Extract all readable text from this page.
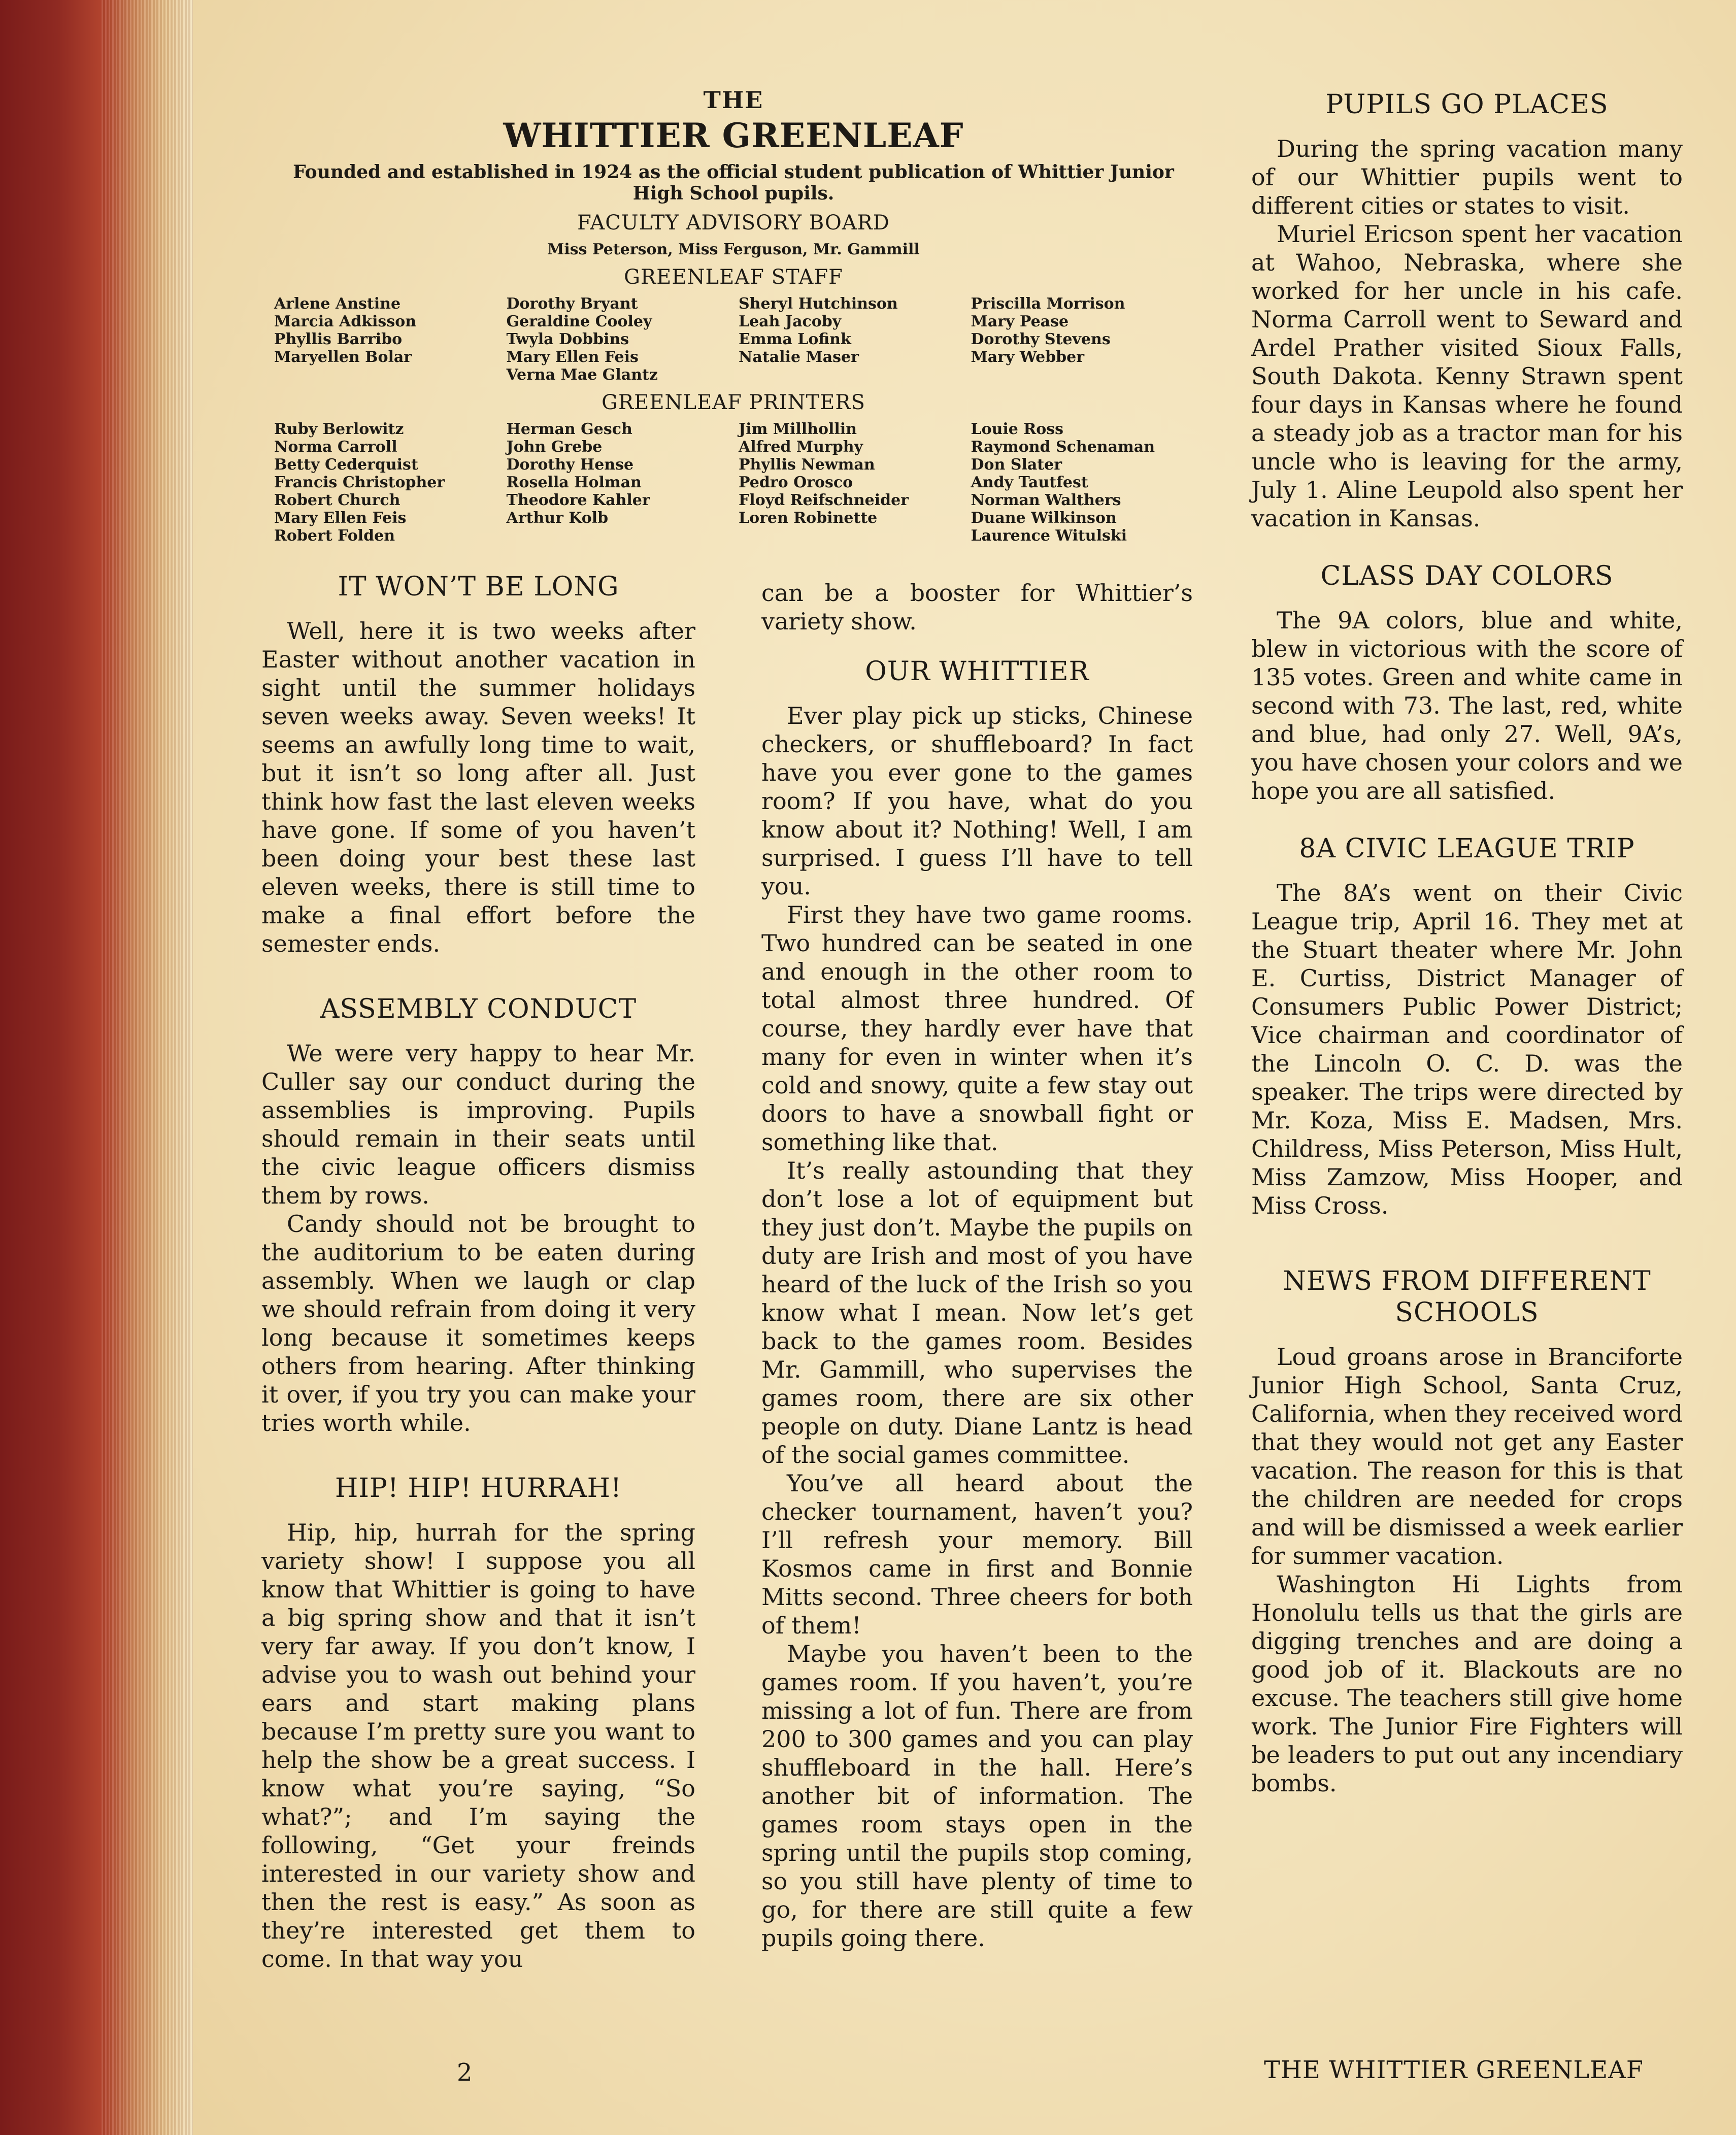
THE
WHITTIER GREENLEAF
Founded and established in 1924 as the official student publication of Whittier Junior High School pupils.
FACULTY ADVISORY BOARD
Miss Peterson, Miss Ferguson, Mr. Gammill
GREENLEAF STAFF
Arlene Anstine
Marcia Adkisson
Phyllis Barribo
Maryellen Bolar
Dorothy Bryant
Geraldine Cooley
Twyla Dobbins
Mary Ellen Feis
Verna Mae Glantz
Sheryl Hutchinson
Leah Jacoby
Emma Lofink
Natalie Maser
Priscilla Morrison
Mary Pease
Dorothy Stevens
Mary Webber
GREENLEAF PRINTERS
Ruby Berlowitz
Norma Carroll
Betty Cederquist
Francis Christopher
Robert Church
Mary Ellen Feis
Robert Folden
Herman Gesch
John Grebe
Dorothy Hense
Rosella Holman
Theodore Kahler
Arthur Kolb
Jim Millhollin
Alfred Murphy
Phyllis Newman
Pedro Orosco
Floyd Reifschneider
Loren Robinette
Louie Ross
Raymond Schenaman
Don Slater
Andy Tautfest
Norman Walthers
Duane Wilkinson
Laurence Witulski
IT WON’T BE LONG

Well, here it is two weeks after Easter without another vacation in sight until the summer holidays seven weeks away. Seven weeks! It seems an awfully long time to wait, but it isn’t so long after all. Just think how fast the last eleven weeks have gone. If some of you haven’t been doing your best these last eleven weeks, there is still time to make a final effort before the semester ends.

ASSEMBLY CONDUCT

We were very happy to hear Mr. Culler say our conduct during the assemblies is improving. Pupils should remain in their seats until the civic league officers dismiss them by rows.

Candy should not be brought to the auditorium to be eaten during assembly. When we laugh or clap we should refrain from doing it very long because it sometimes keeps others from hearing. After thinking it over, if you try you can make your tries worth while.

HIP! HIP! HURRAH!

Hip, hip, hurrah for the spring variety show! I suppose you all know that Whittier is going to have a big spring show and that it isn’t very far away. If you don’t know, I advise you to wash out behind your ears and start making plans because I’m pretty sure you want to help the show be a great success. I know what you’re saying, “So what?”; and I’m saying the following, “Get your freinds interested in our variety show and then the rest is easy.” As soon as they’re interested get them to come. In that way you

can be a booster for Whittier’s variety show.

OUR WHITTIER

Ever play pick up sticks, Chinese checkers, or shuffleboard? In fact have you ever gone to the games room? If you have, what do you know about it? Nothing! Well, I am surprised. I guess I’ll have to tell you.

First they have two game rooms. Two hundred can be seated in one and enough in the other room to total almost three hundred. Of course, they hardly ever have that many for even in winter when it’s cold and snowy, quite a few stay out doors to have a snowball fight or something like that.

It’s really astounding that they don’t lose a lot of equipment but they just don’t. Maybe the pupils on duty are Irish and most of you have heard of the luck of the Irish so you know what I mean. Now let’s get back to the games room. Besides Mr. Gammill, who supervises the games room, there are six other people on duty. Diane Lantz is head of the social games committee.

You’ve all heard about the checker tournament, haven’t you? I’ll refresh your memory. Bill Kosmos came in first and Bonnie Mitts second. Three cheers for both of them!

Maybe you haven’t been to the games room. If you haven’t, you’re missing a lot of fun. There are from 200 to 300 games and you can play shuffleboard in the hall. Here’s another bit of information. The games room stays open in the spring until the pupils stop coming, so you still have plenty of time to go, for there are still quite a few pupils going there.

PUPILS GO PLACES

During the spring vacation many of our Whittier pupils went to different cities or states to visit.

Muriel Ericson spent her vacation at Wahoo, Nebraska, where she worked for her uncle in his cafe. Norma Carroll went to Seward and Ardel Prather visited Sioux Falls, South Dakota. Kenny Strawn spent four days in Kansas where he found a steady job as a tractor man for his uncle who is leaving for the army, July 1. Aline Leupold also spent her vacation in Kansas.

CLASS DAY COLORS

The 9A colors, blue and white, blew in victorious with the score of 135 votes. Green and white came in second with 73. The last, red, white and blue, had only 27. Well, 9A’s, you have chosen your colors and we hope you are all satisfied.

8A CIVIC LEAGUE TRIP

The 8A’s went on their Civic League trip, April 16. They met at the Stuart theater where Mr. John E. Curtiss, District Manager of Consumers Public Power District; Vice chairman and coordinator of the Lincoln O. C. D. was the speaker. The trips were directed by Mr. Koza, Miss E. Madsen, Mrs. Childress, Miss Peterson, Miss Hult, Miss Zamzow, Miss Hooper, and Miss Cross.

NEWS FROM DIFFERENT SCHOOLS

Loud groans arose in Brancіforte Junior High School, Santa Cruz, California, when they received word that they would not get any Easter vacation. The reason for this is that the children are needed for crops and will be dismissed a week earlier for summer vacation.

Washington Hi Lights from Honolulu tells us that the girls are digging trenches and are doing a good job of it. Blackouts are no excuse. The teachers still give home work. The Junior Fire Fighters will be leaders to put out any incendiary bombs.

2	THE WHITTIER GREENLEAF
